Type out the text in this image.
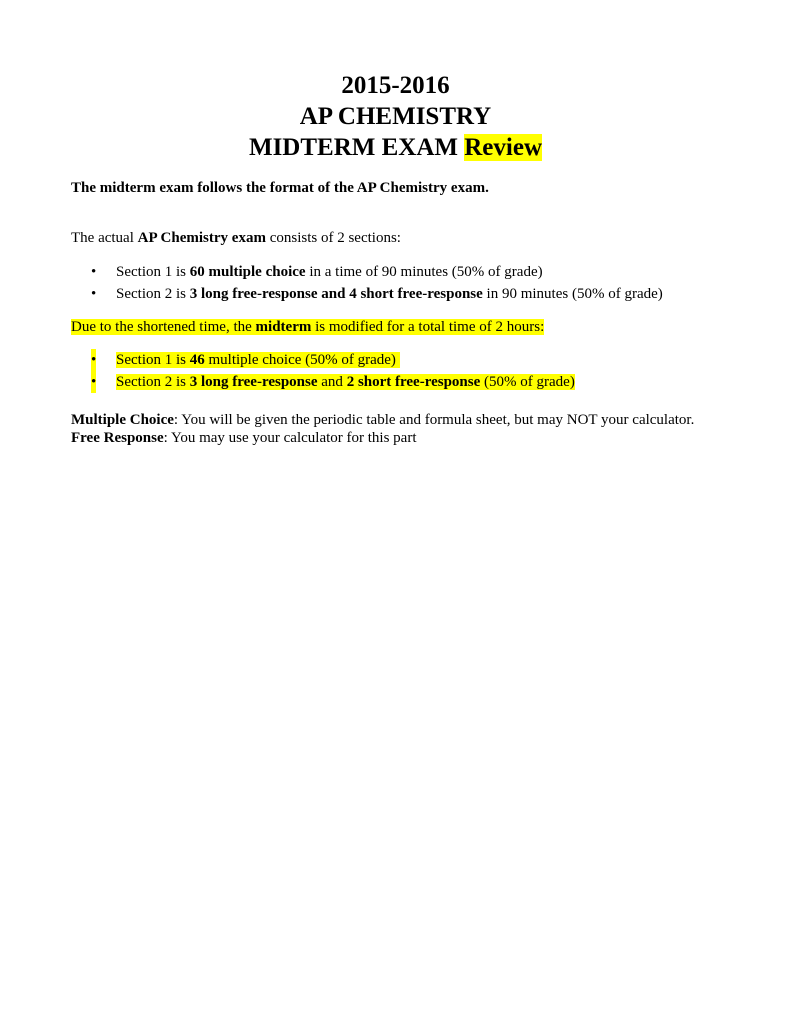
2015-2016
AP CHEMISTRY
MIDTERM EXAM Review
The midterm exam follows the format of the AP Chemistry exam.
The actual AP Chemistry exam consists of 2 sections:
• Section 1 is 60 multiple choice in a time of 90 minutes (50% of grade)
• Section 2 is 3 long free-response and 4 short free-response in 90 minutes (50% of grade)
Due to the shortened time, the midterm is modified for a total time of 2 hours:
• Section 1 is 46 multiple choice (50% of grade)
• Section 2 is 3 long free-response and 2 short free-response (50% of grade)
Multiple Choice: You will be given the periodic table and formula sheet, but may NOT your calculator.
Free Response: You may use your calculator for this part
